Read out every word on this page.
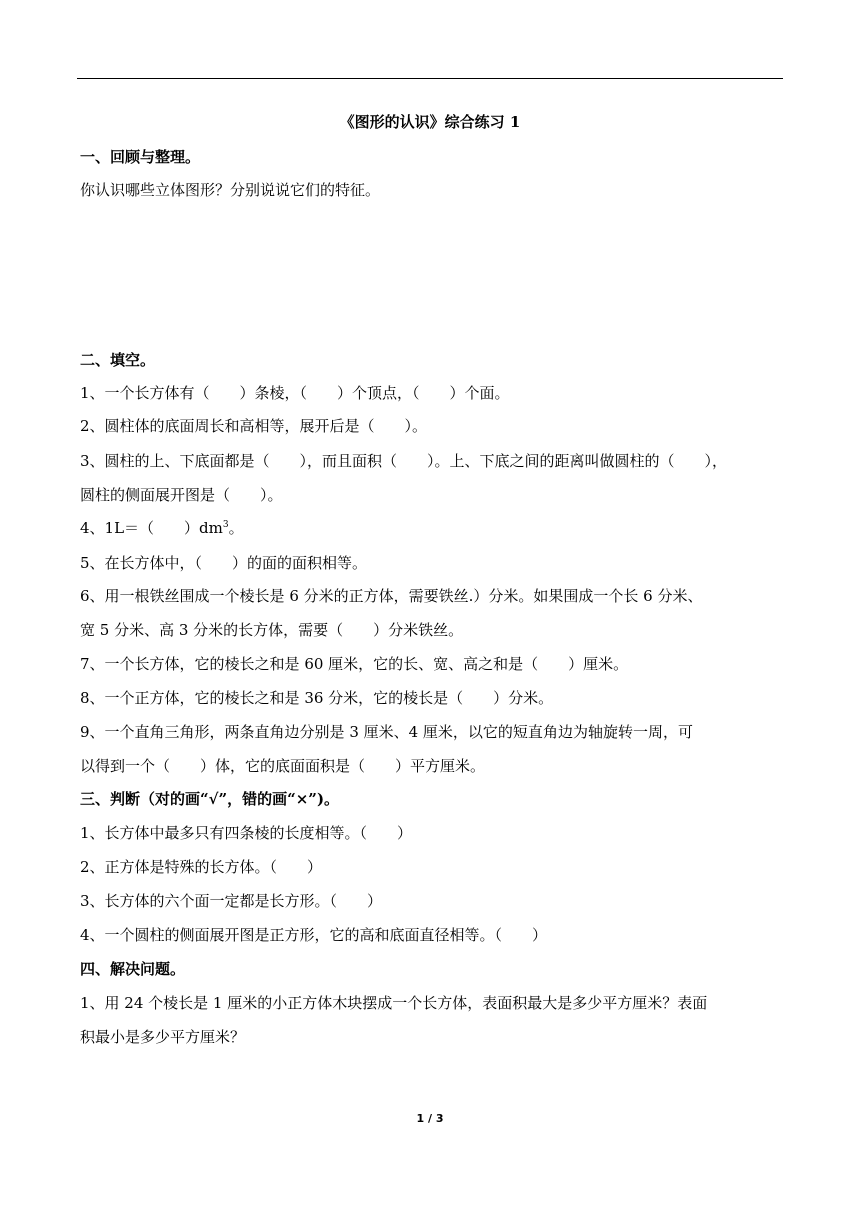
《图形的认识》综合练习 1
一、回顾与整理。
你认识哪些立体图形？分别说说它们的特征。
二、填空。
1、一个长方体有（　　）条棱，（　　）个顶点，（　　）个面。
2、圆柱体的底面周长和高相等，展开后是（　　）。
3、圆柱的上、下底面都是（　　），而且面积（　　）。上、下底之间的距离叫做圆柱的（　　），
圆柱的侧面展开图是（　　）。
4、1L＝（　　）$dm^3$。
5、在长方体中，（　　）的面的面积相等。
6、用一根铁丝围成一个棱长是 6 分米的正方体，需要铁丝.）分米。如果围成一个长 6 分米、
宽 5 分米、高 3 分米的长方体，需要（　　）分米铁丝。
7、一个长方体，它的棱长之和是 60 厘米，它的长、宽、高之和是（　　）厘米。
8、一个正方体，它的棱长之和是 36 分米，它的棱长是（　　）分米。
9、一个直角三角形，两条直角边分别是 3 厘米、4 厘米，以它的短直角边为轴旋转一周，可
以得到一个（　　）体，它的底面面积是（　　）平方厘米。
三、判断（对的画“√”，错的画“×”)。
1、长方体中最多只有四条棱的长度相等。（　　）
2、正方体是特殊的长方体。（　　）
3、长方体的六个面一定都是长方形。（　　）
4、一个圆柱的侧面展开图是正方形，它的高和底面直径相等。（　　）
四、解决问题。
1、用 24 个棱长是 1 厘米的小正方体木块摆成一个长方体，表面积最大是多少平方厘米？表面
积最小是多少平方厘米？
1 / 3
